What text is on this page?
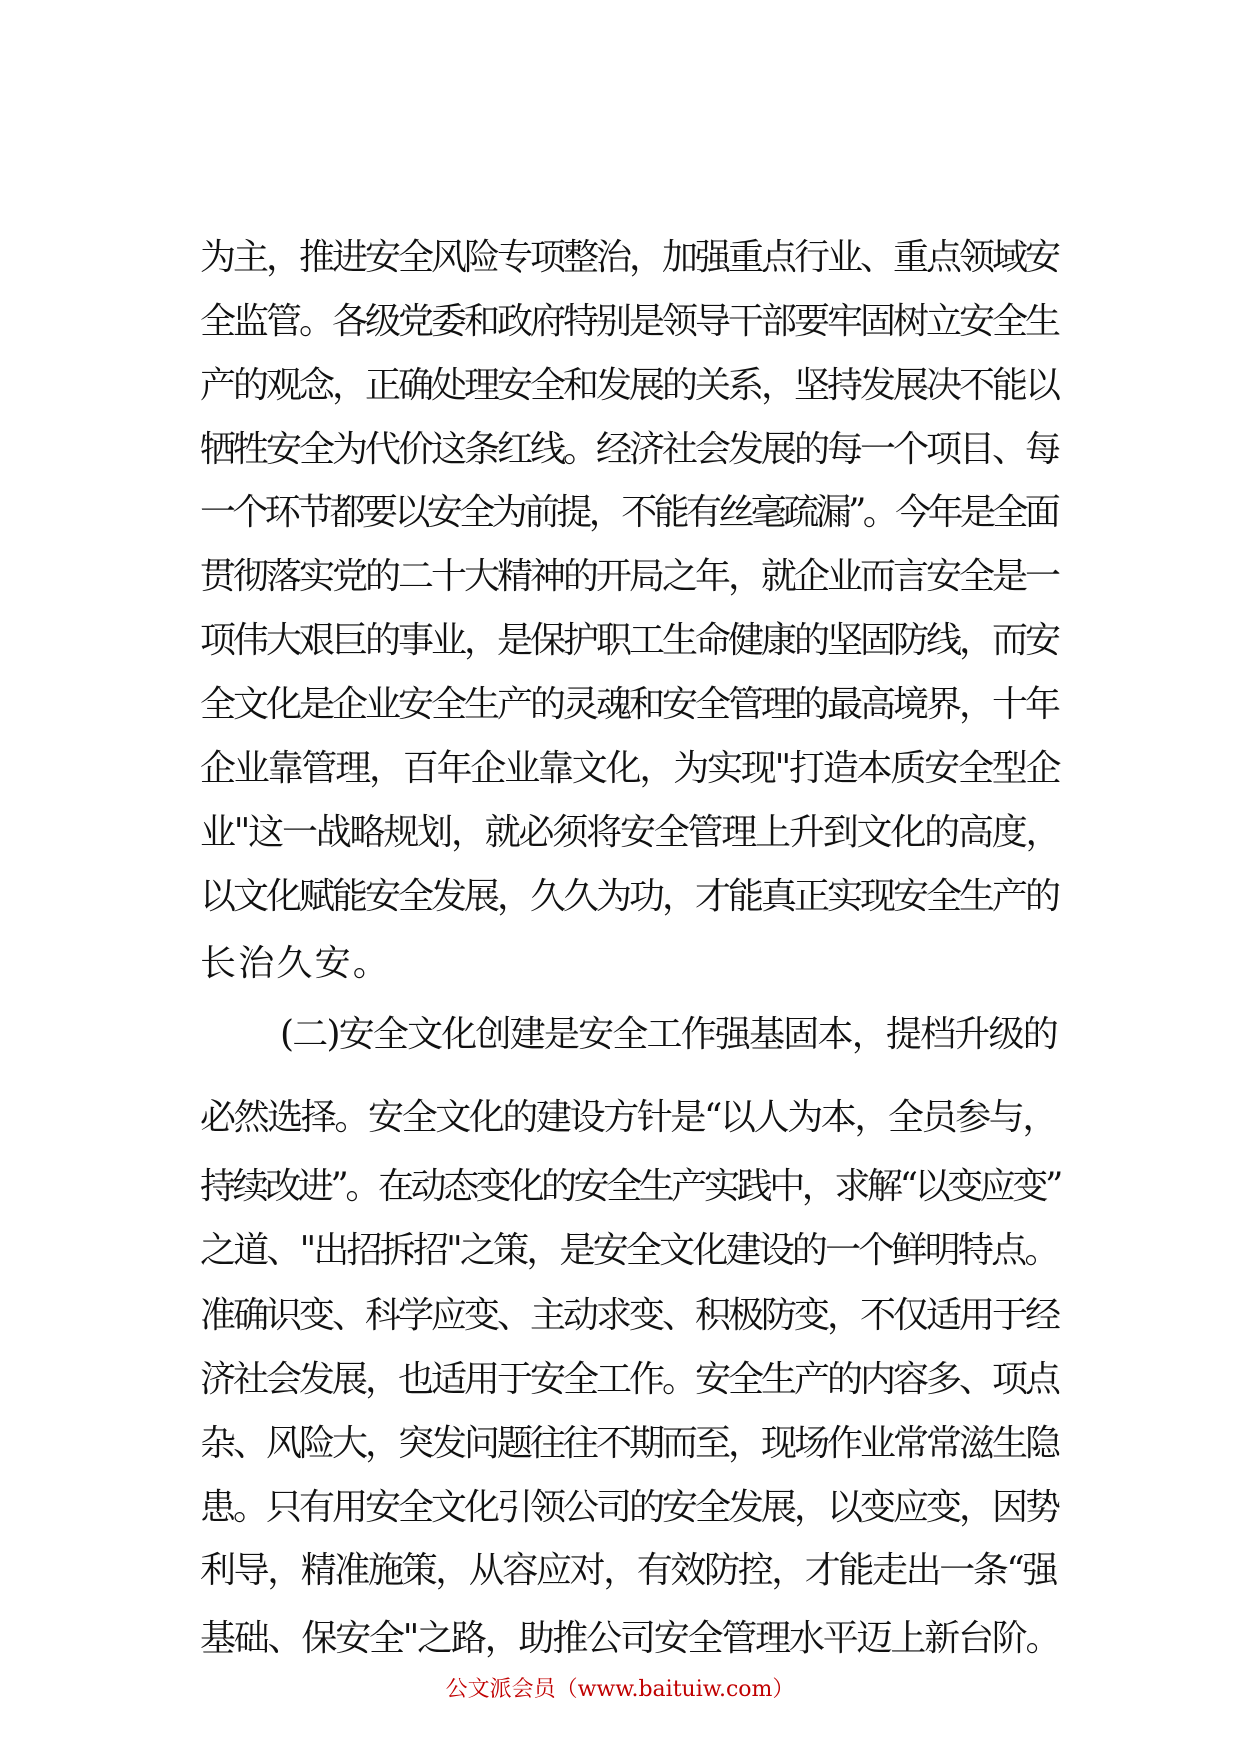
为主，推进安全风险专项整治，加强重点行业、重点领域安
全监管。各级党委和政府特别是领导干部要牢固树立安全生
产的观念，正确处理安全和发展的关系，坚持发展决不能以
牺牲安全为代价这条红线。经济社会发展的每一个项目、每
一个环节都要以安全为前提，不能有丝毫疏漏”。今年是全面
贯彻落实党的二十大精神的开局之年，就企业而言安全是一
项伟大艰巨的事业，是保护职工生命健康的坚固防线，而安
全文化是企业安全生产的灵魂和安全管理的最高境界，十年
企业靠管理，百年企业靠文化，为实现"打造本质安全型企
业"这一战略规划，就必须将安全管理上升到文化的高度，
以文化赋能安全发展，久久为功，才能真正实现安全生产的
长治久安。
(二)安全文化创建是安全工作强基固本，提档升级的
必然选择。安全文化的建设方针是“以人为本，全员参与，
持续改进”。在动态变化的安全生产实践中，求解“以变应变”
之道、"出招拆招"之策，是安全文化建设的一个鲜明特点。
准确识变、科学应变、主动求变、积极防变，不仅适用于经
济社会发展，也适用于安全工作。安全生产的内容多、项点
杂、风险大，突发问题往往不期而至，现场作业常常滋生隐
患。只有用安全文化引领公司的安全发展，以变应变，因势
利导，精准施策，从容应对，有效防控，才能走出一条“强
基础、保安全"之路，助推公司安全管理水平迈上新台阶。
公文派会员（www.baituiw.com）
